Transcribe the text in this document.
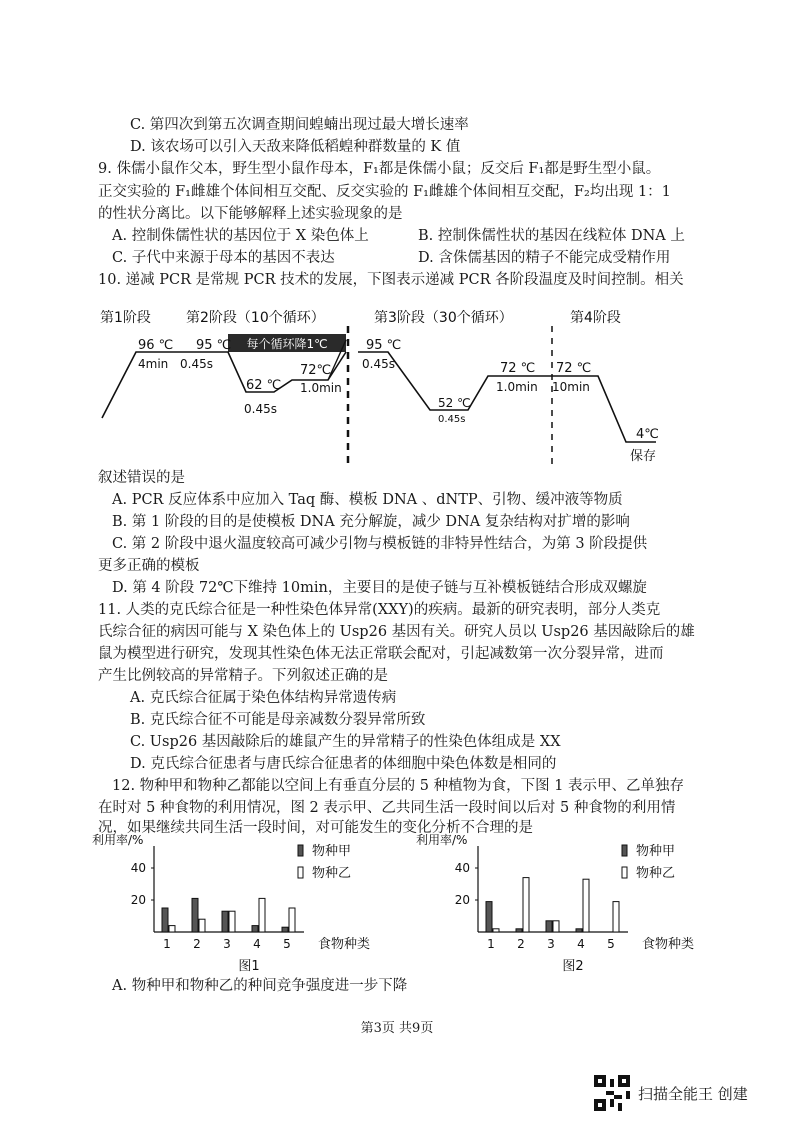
C. 第四次到第五次调查期间蝗蝻出现过最大增长速率
D. 该农场可以引入天敌来降低稻蝗种群数量的 K 值
9. 侏儒小鼠作父本，野生型小鼠作母本，F₁都是侏儒小鼠；反交后 F₁都是野生型小鼠。
正交实验的 F₁雌雄个体间相互交配、反交实验的 F₁雌雄个体间相互交配，F₂均出现 1：1
的性状分离比。以下能够解释上述实验现象的是
A. 控制侏儒性状的基因位于 X 染色体上	B. 控制侏儒性状的基因在线粒体 DNA 上
C. 子代中来源于母本的基因不表达	D. 含侏儒基因的精子不能完成受精作用
10. 递减 PCR 是常规 PCR 技术的发展，下图表示递减 PCR 各阶段温度及时间控制。相关
第1阶段	第2阶段（10个循环）	第3阶段（30个循环）	第4阶段
每个循环降1℃
96 ℃
4min
95 ℃
0.45s
62 ℃
0.45s
72℃
1.0min
95 ℃
0.45s
52 ℃
0.45s
72 ℃
1.0min
72 ℃
10min
4℃
保存
叙述错误的是
A. PCR 反应体系中应加入 Taq 酶、模板 DNA 、dNTP、引物、缓冲液等物质
B. 第 1 阶段的目的是使模板 DNA 充分解旋，减少 DNA 复杂结构对扩增的影响
C. 第 2 阶段中退火温度较高可减少引物与模板链的非特异性结合，为第 3 阶段提供
更多正确的模板
D. 第 4 阶段 72℃下维持 10min，主要目的是使子链与互补模板链结合形成双螺旋
11. 人类的克氏综合征是一种性染色体异常(XXY)的疾病。最新的研究表明，部分人类克
氏综合征的病因可能与 X 染色体上的 Usp26 基因有关。研究人员以 Usp26 基因敲除后的雄
鼠为模型进行研究，发现其性染色体无法正常联会配对，引起减数第一次分裂异常，进而
产生比例较高的异常精子。下列叙述正确的是
A. 克氏综合征属于染色体结构异常遗传病
B. 克氏综合征不可能是母亲减数分裂异常所致
C. Usp26 基因敲除后的雄鼠产生的异常精子的性染色体组成是 XX
D. 克氏综合征患者与唐氏综合征患者的体细胞中染色体数是相同的
12. 物种甲和物种乙都能以空间上有垂直分层的 5 种植物为食，下图 1 表示甲、乙单独存
在时对 5 种食物的利用情况，图 2 表示甲、乙共同生活一段时间以后对 5 种食物的利用情
况，如果继续共同生活一段时间，对可能发生的变化分析不合理的是
利用率/%
20
40
1 2 3 4 5 食物种类
物种甲
物种乙
图1
利用率/%
20
40
1 2 3 4 5 食物种类
物种甲
物种乙
图2
A. 物种甲和物种乙的种间竞争强度进一步下降
第3页 共9页
扫描全能王 创建
